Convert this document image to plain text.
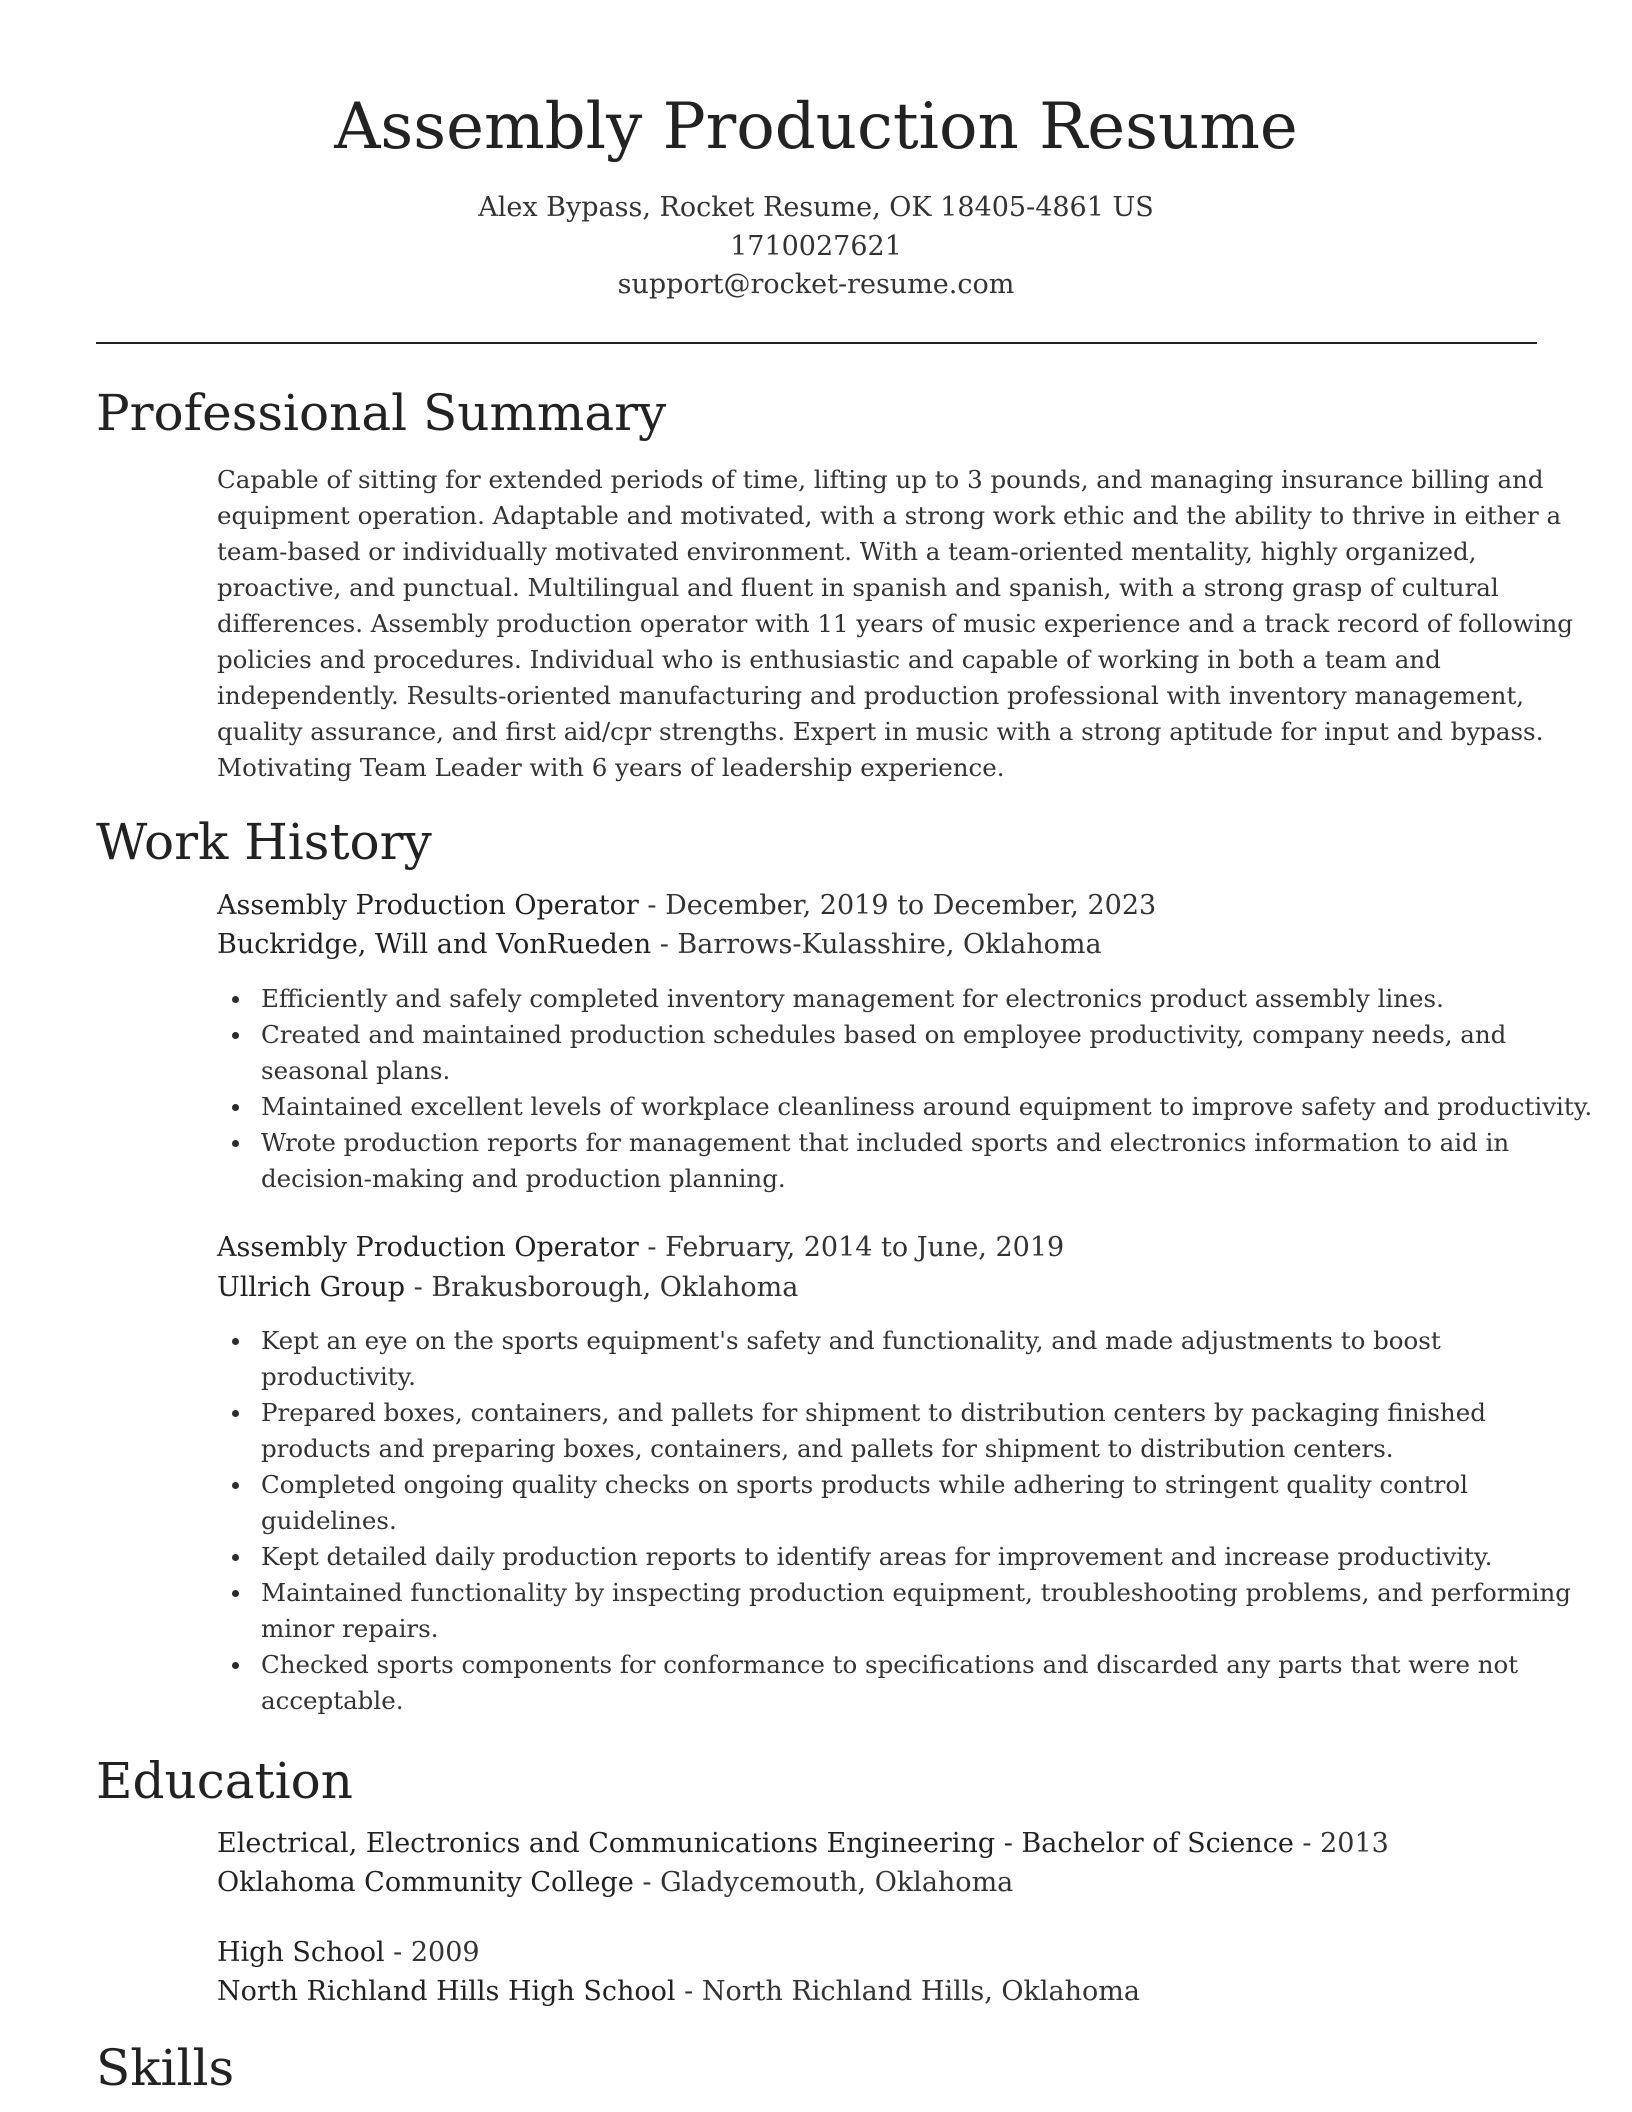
Assembly Production Resume
Alex Bypass, Rocket Resume, OK 18405-4861 US
1710027621
support@rocket-resume.com
Professional Summary

Capable of sitting for extended periods of time, lifting up to 3 pounds, and managing insurance billing and
equipment operation. Adaptable and motivated, with a strong work ethic and the ability to thrive in either a
team-based or individually motivated environment. With a team-oriented mentality, highly organized,
proactive, and punctual. Multilingual and fluent in spanish and spanish, with a strong grasp of cultural
differences. Assembly production operator with 11 years of music experience and a track record of following
policies and procedures. Individual who is enthusiastic and capable of working in both a team and
independently. Results-oriented manufacturing and production professional with inventory management,
quality assurance, and first aid/cpr strengths. Expert in music with a strong aptitude for input and bypass.
Motivating Team Leader with 6 years of leadership experience.

Work History
Assembly Production Operator - December, 2019 to December, 2023
Buckridge, Will and VonRueden - Barrows-Kulasshire, Oklahoma
Efficiently and safely completed inventory management for electronics product assembly lines.
Created and maintained production schedules based on employee productivity, company needs, and
seasonal plans.
Maintained excellent levels of workplace cleanliness around equipment to improve safety and productivity.
Wrote production reports for management that included sports and electronics information to aid in
decision-making and production planning.
Assembly Production Operator - February, 2014 to June, 2019
Ullrich Group - Brakusborough, Oklahoma
Kept an eye on the sports equipment's safety and functionality, and made adjustments to boost
productivity.
Prepared boxes, containers, and pallets for shipment to distribution centers by packaging finished
products and preparing boxes, containers, and pallets for shipment to distribution centers.
Completed ongoing quality checks on sports products while adhering to stringent quality control
guidelines.
Kept detailed daily production reports to identify areas for improvement and increase productivity.
Maintained functionality by inspecting production equipment, troubleshooting problems, and performing
minor repairs.
Checked sports components for conformance to specifications and discarded any parts that were not
acceptable.
Education
Electrical, Electronics and Communications Engineering - Bachelor of Science - 2013
Oklahoma Community College - Gladycemouth, Oklahoma
High School - 2009
North Richland Hills High School - North Richland Hills, Oklahoma
Skills
